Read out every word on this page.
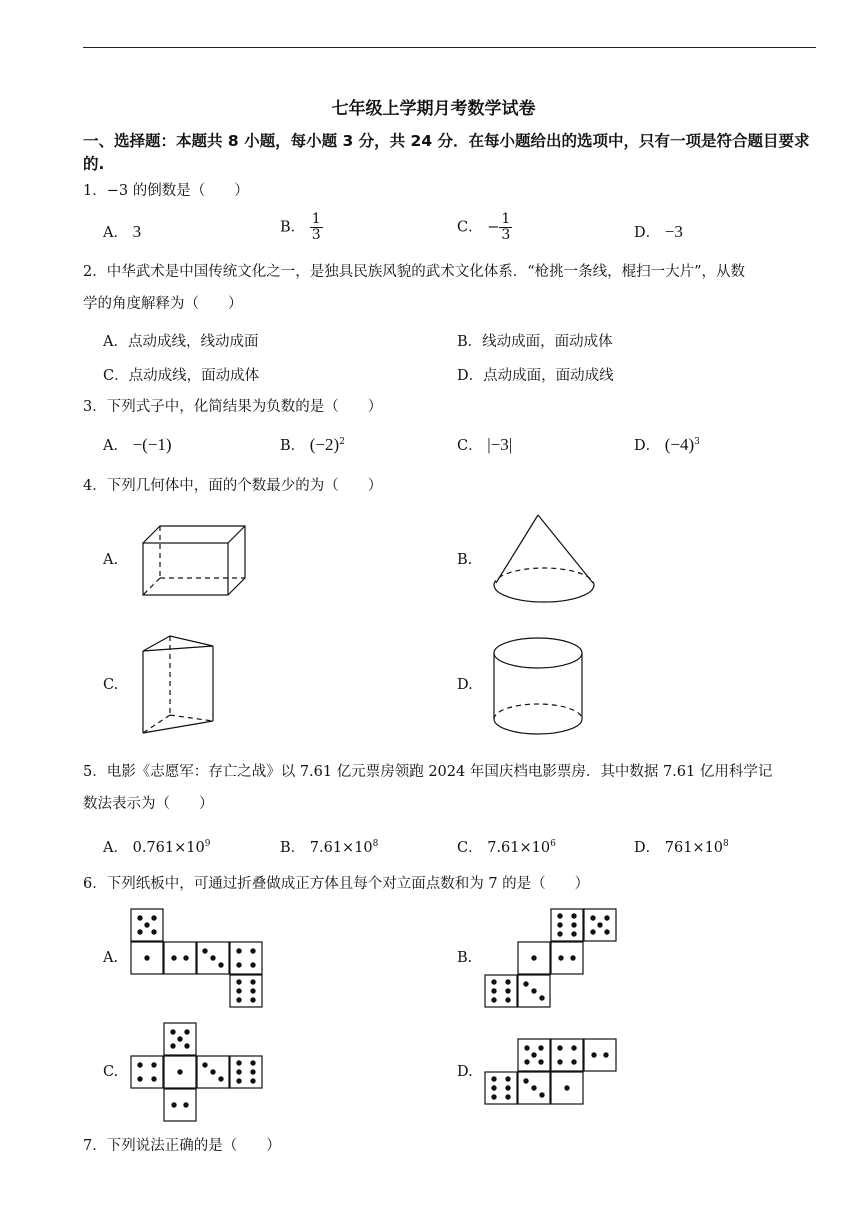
七年级上学期月考数学试卷
一、选择题：本题共 8 小题，每小题 3 分，共 24 分．在每小题给出的选项中，只有一项是符合题目要求的.
1．−3 的倒数是（　　）
A． 3	B． $\frac{1}{3}$	C． − $\frac{1}{3}$	D． −3
2．中华武术是中国传统文化之一，是独具民族风貌的武术文化体系．“枪挑一条线，棍扫一大片”，从数
学的角度解释为（　　）
A．点动成线，线动成面	B．线动成面，面动成体
C．点动成线，面动成体	D．点动成面，面动成线
3．下列式子中，化简结果为负数的是（　　）
A． −(−1)	B． $(-2)^2$	C． |−3|	D． $(-4)^3$
4．下列几何体中，面的个数最少的为（　　）
A.	B.
C.	D.
5．电影《志愿军：存亡之战》以 7.61 亿元票房领跑 2024 年国庆档电影票房．其中数据 7.61 亿用科学记
数法表示为（　　）
A． $0.761\times 10^9$	B． $7.61\times 10^8$	C． $7.61\times 10^6$	D． $761\times 10^8$
6．下列纸板中，可通过折叠做成正方体且每个对立面点数和为 7 的是（　　）
A.	B.
C.	D.
7．下列说法正确的是（　　）
